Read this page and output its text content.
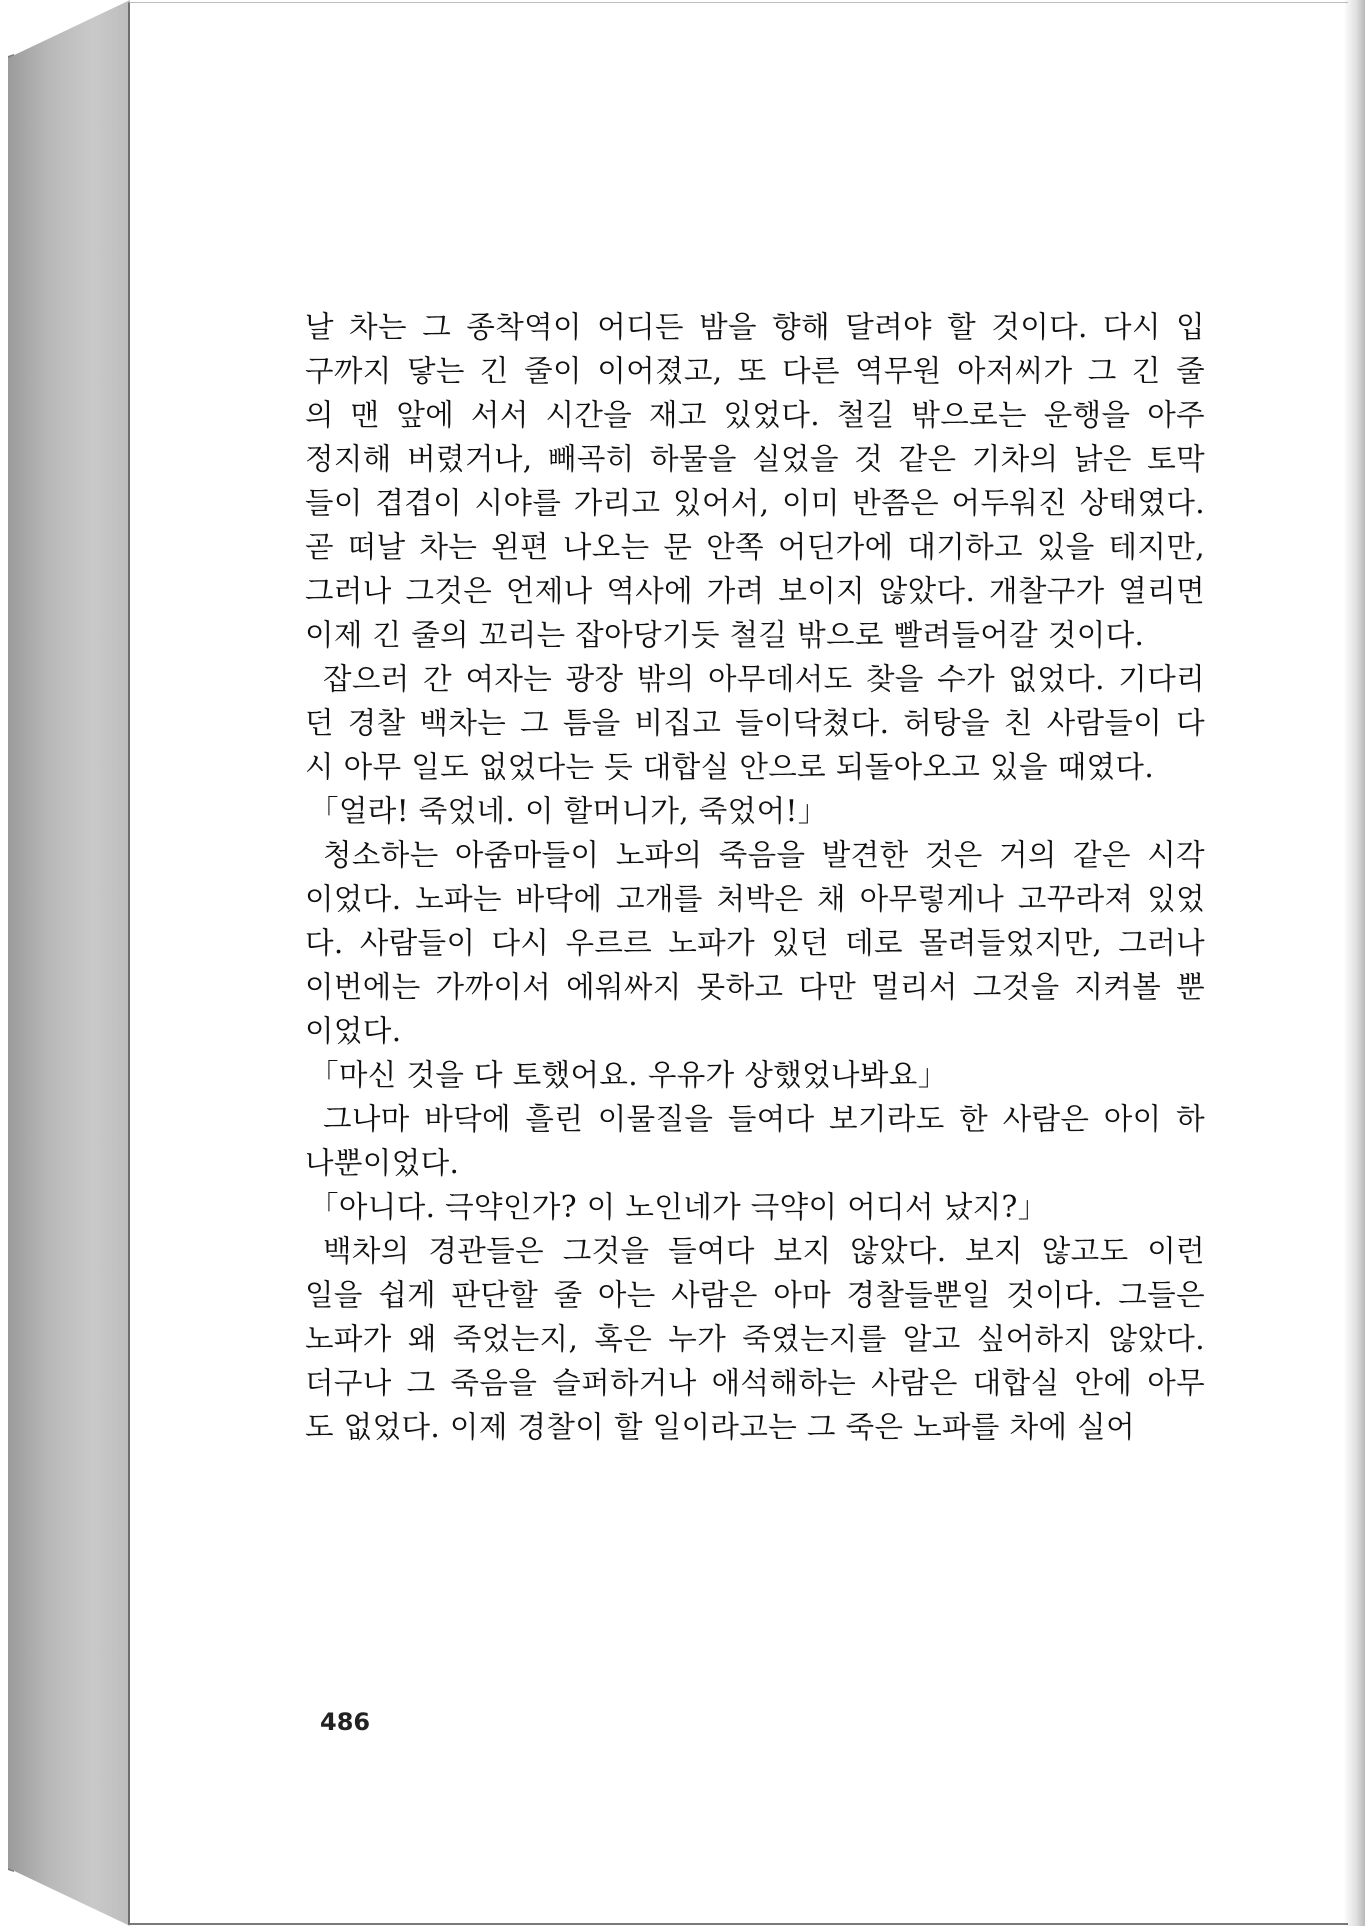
날 차는 그 종착역이 어디든 밤을 향해 달려야 할 것이다. 다시 입
구까지 닿는 긴 줄이 이어졌고, 또 다른 역무원 아저씨가 그 긴 줄
의 맨 앞에 서서 시간을 재고 있었다. 철길 밖으로는 운행을 아주
정지해 버렸거나, 빼곡히 하물을 실었을 것 같은 기차의 낡은 토막
들이 겹겹이 시야를 가리고 있어서, 이미 반쯤은 어두워진 상태였다.
곧 떠날 차는 왼편 나오는 문 안쪽 어딘가에 대기하고 있을 테지만,
그러나 그것은 언제나 역사에 가려 보이지 않았다. 개찰구가 열리면
이제 긴 줄의 꼬리는 잡아당기듯 철길 밖으로 빨려들어갈 것이다.

잡으러 간 여자는 광장 밖의 아무데서도 찾을 수가 없었다. 기다리
던 경찰 백차는 그 틈을 비집고 들이닥쳤다. 허탕을 친 사람들이 다
시 아무 일도 없었다는 듯 대합실 안으로 되돌아오고 있을 때였다.

「얼라! 죽었네. 이 할머니가, 죽었어!」

청소하는 아줌마들이 노파의 죽음을 발견한 것은 거의 같은 시각
이었다. 노파는 바닥에 고개를 처박은 채 아무렇게나 고꾸라져 있었
다. 사람들이 다시 우르르 노파가 있던 데로 몰려들었지만, 그러나
이번에는 가까이서 에워싸지 못하고 다만 멀리서 그것을 지켜볼 뿐
이었다.

「마신 것을 다 토했어요. 우유가 상했었나봐요」

그나마 바닥에 흘린 이물질을 들여다 보기라도 한 사람은 아이 하
나뿐이었다.

「아니다. 극약인가? 이 노인네가 극약이 어디서 났지?」

백차의 경관들은 그것을 들여다 보지 않았다. 보지 않고도 이런
일을 쉽게 판단할 줄 아는 사람은 아마 경찰들뿐일 것이다. 그들은
노파가 왜 죽었는지, 혹은 누가 죽였는지를 알고 싶어하지 않았다.
더구나 그 죽음을 슬퍼하거나 애석해하는 사람은 대합실 안에 아무
도 없었다. 이제 경찰이 할 일이라고는 그 죽은 노파를 차에 실어

486
